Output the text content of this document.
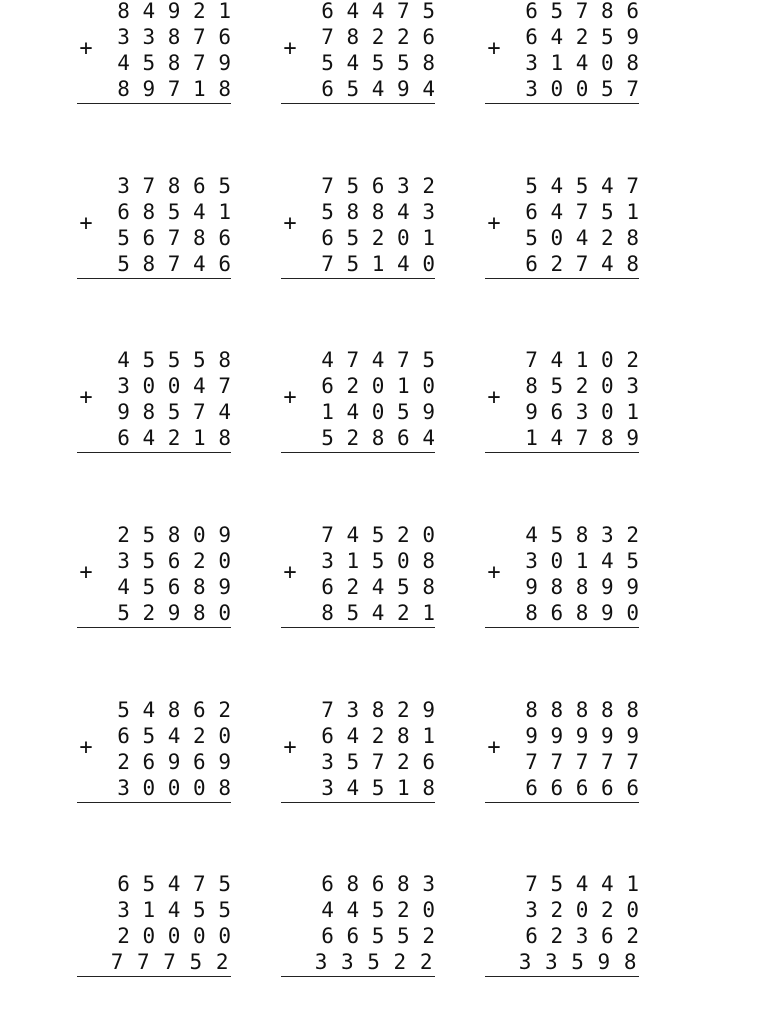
+
8 4 9 2 1
3 3 8 7 6
4 5 8 7 9
8 9 7 1 8
+
6 4 4 7 5
7 8 2 2 6
5 4 5 5 8
6 5 4 9 4
+
6 5 7 8 6
6 4 2 5 9
3 1 4 0 8
3 0 0 5 7
+
3 7 8 6 5
6 8 5 4 1
5 6 7 8 6
5 8 7 4 6
+
7 5 6 3 2
5 8 8 4 3
6 5 2 0 1
7 5 1 4 0
+
5 4 5 4 7
6 4 7 5 1
5 0 4 2 8
6 2 7 4 8
+
4 5 5 5 8
3 0 0 4 7
9 8 5 7 4
6 4 2 1 8
+
4 7 4 7 5
6 2 0 1 0
1 4 0 5 9
5 2 8 6 4
+
7 4 1 0 2
8 5 2 0 3
9 6 3 0 1
1 4 7 8 9
+
2 5 8 0 9
3 5 6 2 0
4 5 6 8 9
5 2 9 8 0
+
7 4 5 2 0
3 1 5 0 8
6 2 4 5 8
8 5 4 2 1
+
4 5 8 3 2
3 0 1 4 5
9 8 8 9 9
8 6 8 9 0
+
5 4 8 6 2
6 5 4 2 0
2 6 9 6 9
3 0 0 0 8
+
7 3 8 2 9
6 4 2 8 1
3 5 7 2 6
3 4 5 1 8
+
8 8 8 8 8
9 9 9 9 9
7 7 7 7 7
6 6 6 6 6
6 5 4 7 5
3 1 4 5 5
2 0 0 0 0
7 7 7 5 2
6 8 6 8 3
4 4 5 2 0
6 6 5 5 2
3 3 5 2 2
7 5 4 4 1
3 2 0 2 0
6 2 3 6 2
3 3 5 9 8
